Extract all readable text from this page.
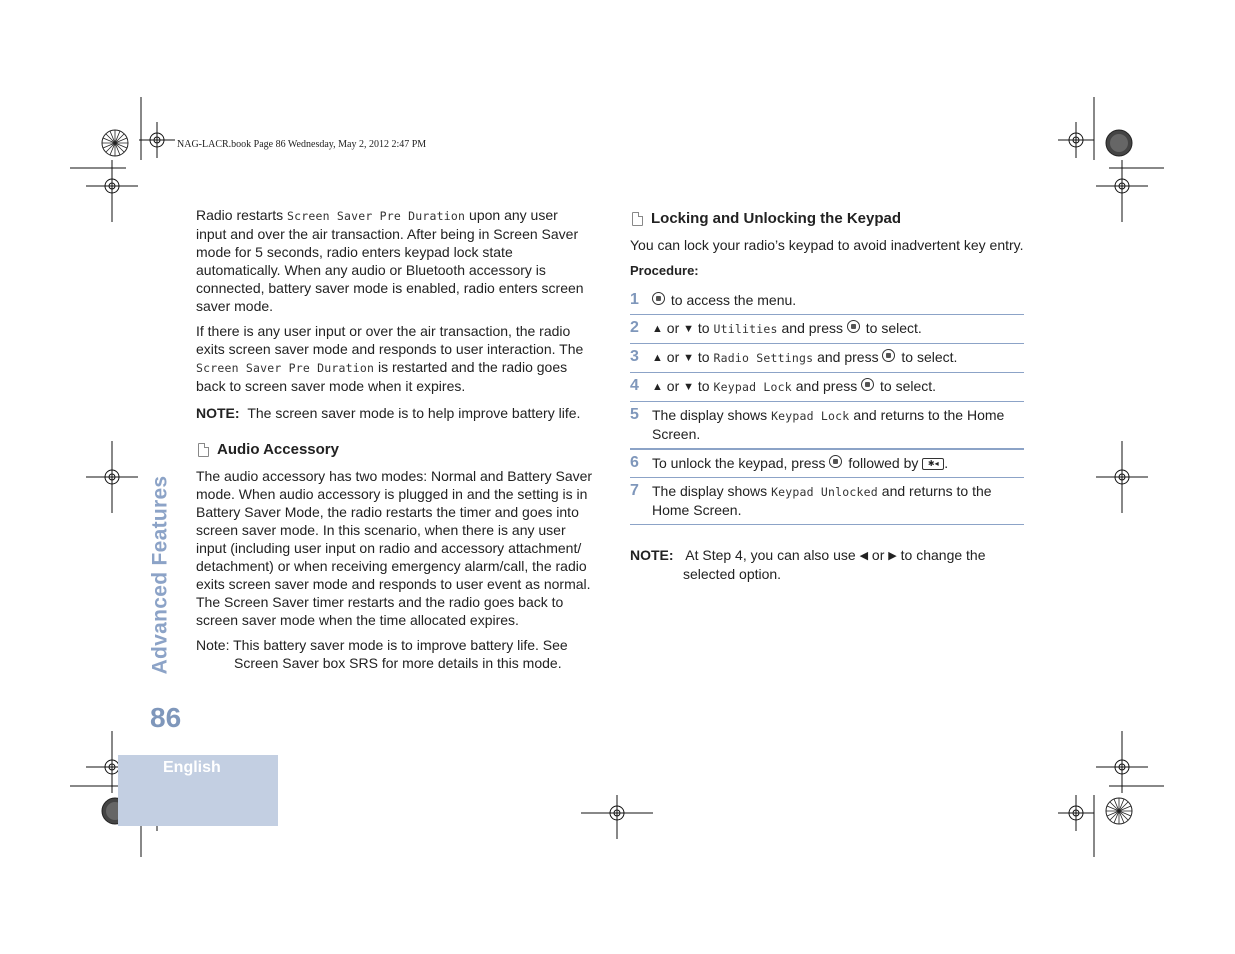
NAG-LACR.book Page 86 Wednesday, May 2, 2012 2:47 PM
Radio restarts Screen Saver Pre Duration upon any user
input and over the air transaction. After being in Screen Saver
mode for 5 seconds, radio enters keypad lock state
automatically. When any audio or Bluetooth accessory is
connected, battery saver mode is enabled, radio enters screen
saver mode.
If there is any user input or over the air transaction, the radio
exits screen saver mode and responds to user interaction. The
Screen Saver Pre Duration is restarted and the radio goes
back to screen saver mode when it expires.
NOTE: The screen saver mode is to help improve battery life.
Audio Accessory
The audio accessory has two modes: Normal and Battery Saver
mode. When audio accessory is plugged in and the setting is in
Battery Saver Mode, the radio restarts the timer and goes into
screen saver mode. In this scenario, when there is any user
input (including user input on radio and accessory attachment/
detachment) or when receiving emergency alarm/call, the radio
exits screen saver mode and responds to user event as normal.
The Screen Saver timer restarts and the radio goes back to
screen saver mode when the time allocated expires.
Note: This battery saver mode is to improve battery life. See
Screen Saver box SRS for more details in this mode.
Locking and Unlocking the Keypad
You can lock your radio’s keypad to avoid inadvertent key entry.
Procedure:
1	to access the menu.
2	▲ or ▼ to Utilities and press  to select.
3	▲ or ▼ to Radio Settings and press  to select.
4	▲ or ▼ to Keypad Lock and press  to select.
5 The display shows Keypad Lock and returns to the Home
Screen.
6 To unlock the keypad, press  followed by ✱◂ .
7 The display shows Keypad Unlocked and returns to the
Home Screen.
NOTE: At Step 4, you can also use ◀ or ▶ to change the
selected option.
Advanced Features
86
English
